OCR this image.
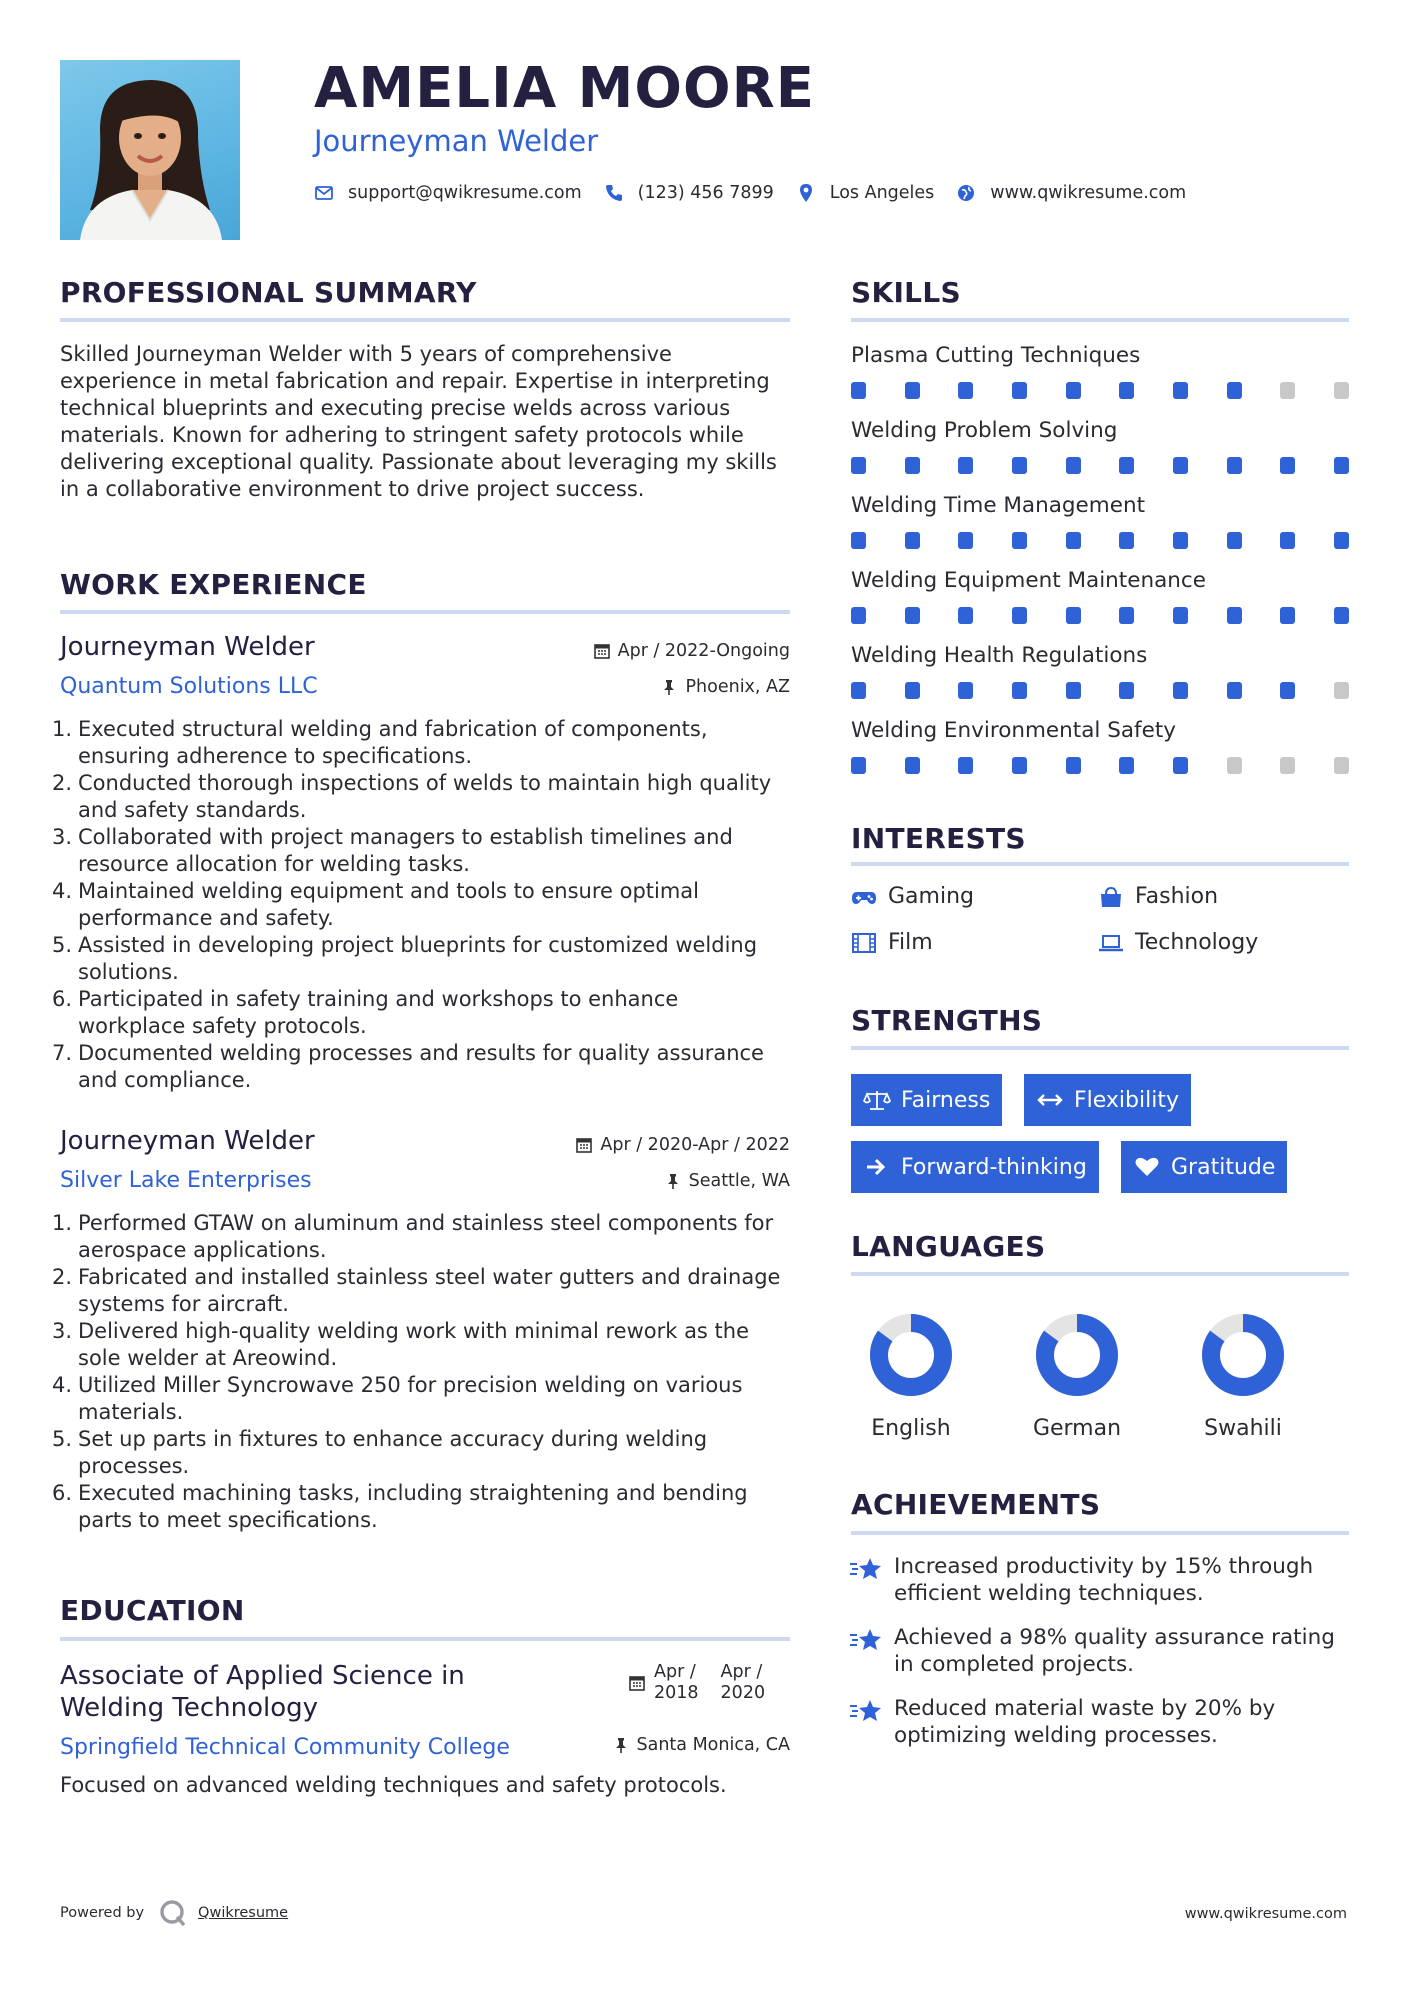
AMELIA MOORE
Journeyman Welder
support@qwikresume.com	(123) 456 7899	Los Angeles	www.qwikresume.com
PROFESSIONAL SUMMARY
Skilled Journeyman Welder with 5 years of comprehensive experience in metal fabrication and repair. Expertise in interpreting technical blueprints and executing precise welds across various materials. Known for adhering to stringent safety protocols while delivering exceptional quality. Passionate about leveraging my skills in a collaborative environment to drive project success.
WORK EXPERIENCE
Journeyman Welder
Quantum Solutions LLC
Apr / 2022-Ongoing
Phoenix, AZ
1. Executed structural welding and fabrication of components, ensuring adherence to specifications.
2. Conducted thorough inspections of welds to maintain high quality and safety standards.
3. Collaborated with project managers to establish timelines and resource allocation for welding tasks.
4. Maintained welding equipment and tools to ensure optimal performance and safety.
5. Assisted in developing project blueprints for customized welding solutions.
6. Participated in safety training and workshops to enhance workplace safety protocols.
7. Documented welding processes and results for quality assurance and compliance.
Journeyman Welder
Silver Lake Enterprises
Apr / 2020-Apr / 2022
Seattle, WA
1. Performed GTAW on aluminum and stainless steel components for aerospace applications.
2. Fabricated and installed stainless steel water gutters and drainage systems for aircraft.
3. Delivered high-quality welding work with minimal rework as the sole welder at Areowind.
4. Utilized Miller Syncrowave 250 for precision welding on various materials.
5. Set up parts in fixtures to enhance accuracy during welding processes.
6. Executed machining tasks, including straightening and bending parts to meet specifications.
EDUCATION
Associate of Applied Science in
Welding Technology
Springfield Technical Community College
Apr /
2018
Apr /
2020
Santa Monica, CA
Focused on advanced welding techniques and safety protocols.
SKILLS
Plasma Cutting Techniques
Welding Problem Solving
Welding Time Management
Welding Equipment Maintenance
Welding Health Regulations
Welding Environmental Safety
INTERESTS
Gaming	Fashion
Film	Technology
STRENGTHS
Fairness	Flexibility
Forward-thinking	Gratitude
LANGUAGES
English	German	Swahili
ACHIEVEMENTS
Increased productivity by 15% through efficient welding techniques.
Achieved a 98% quality assurance rating in completed projects.
Reduced material waste by 20% by optimizing welding processes.
Powered by	Qwikresume	www.qwikresume.com
